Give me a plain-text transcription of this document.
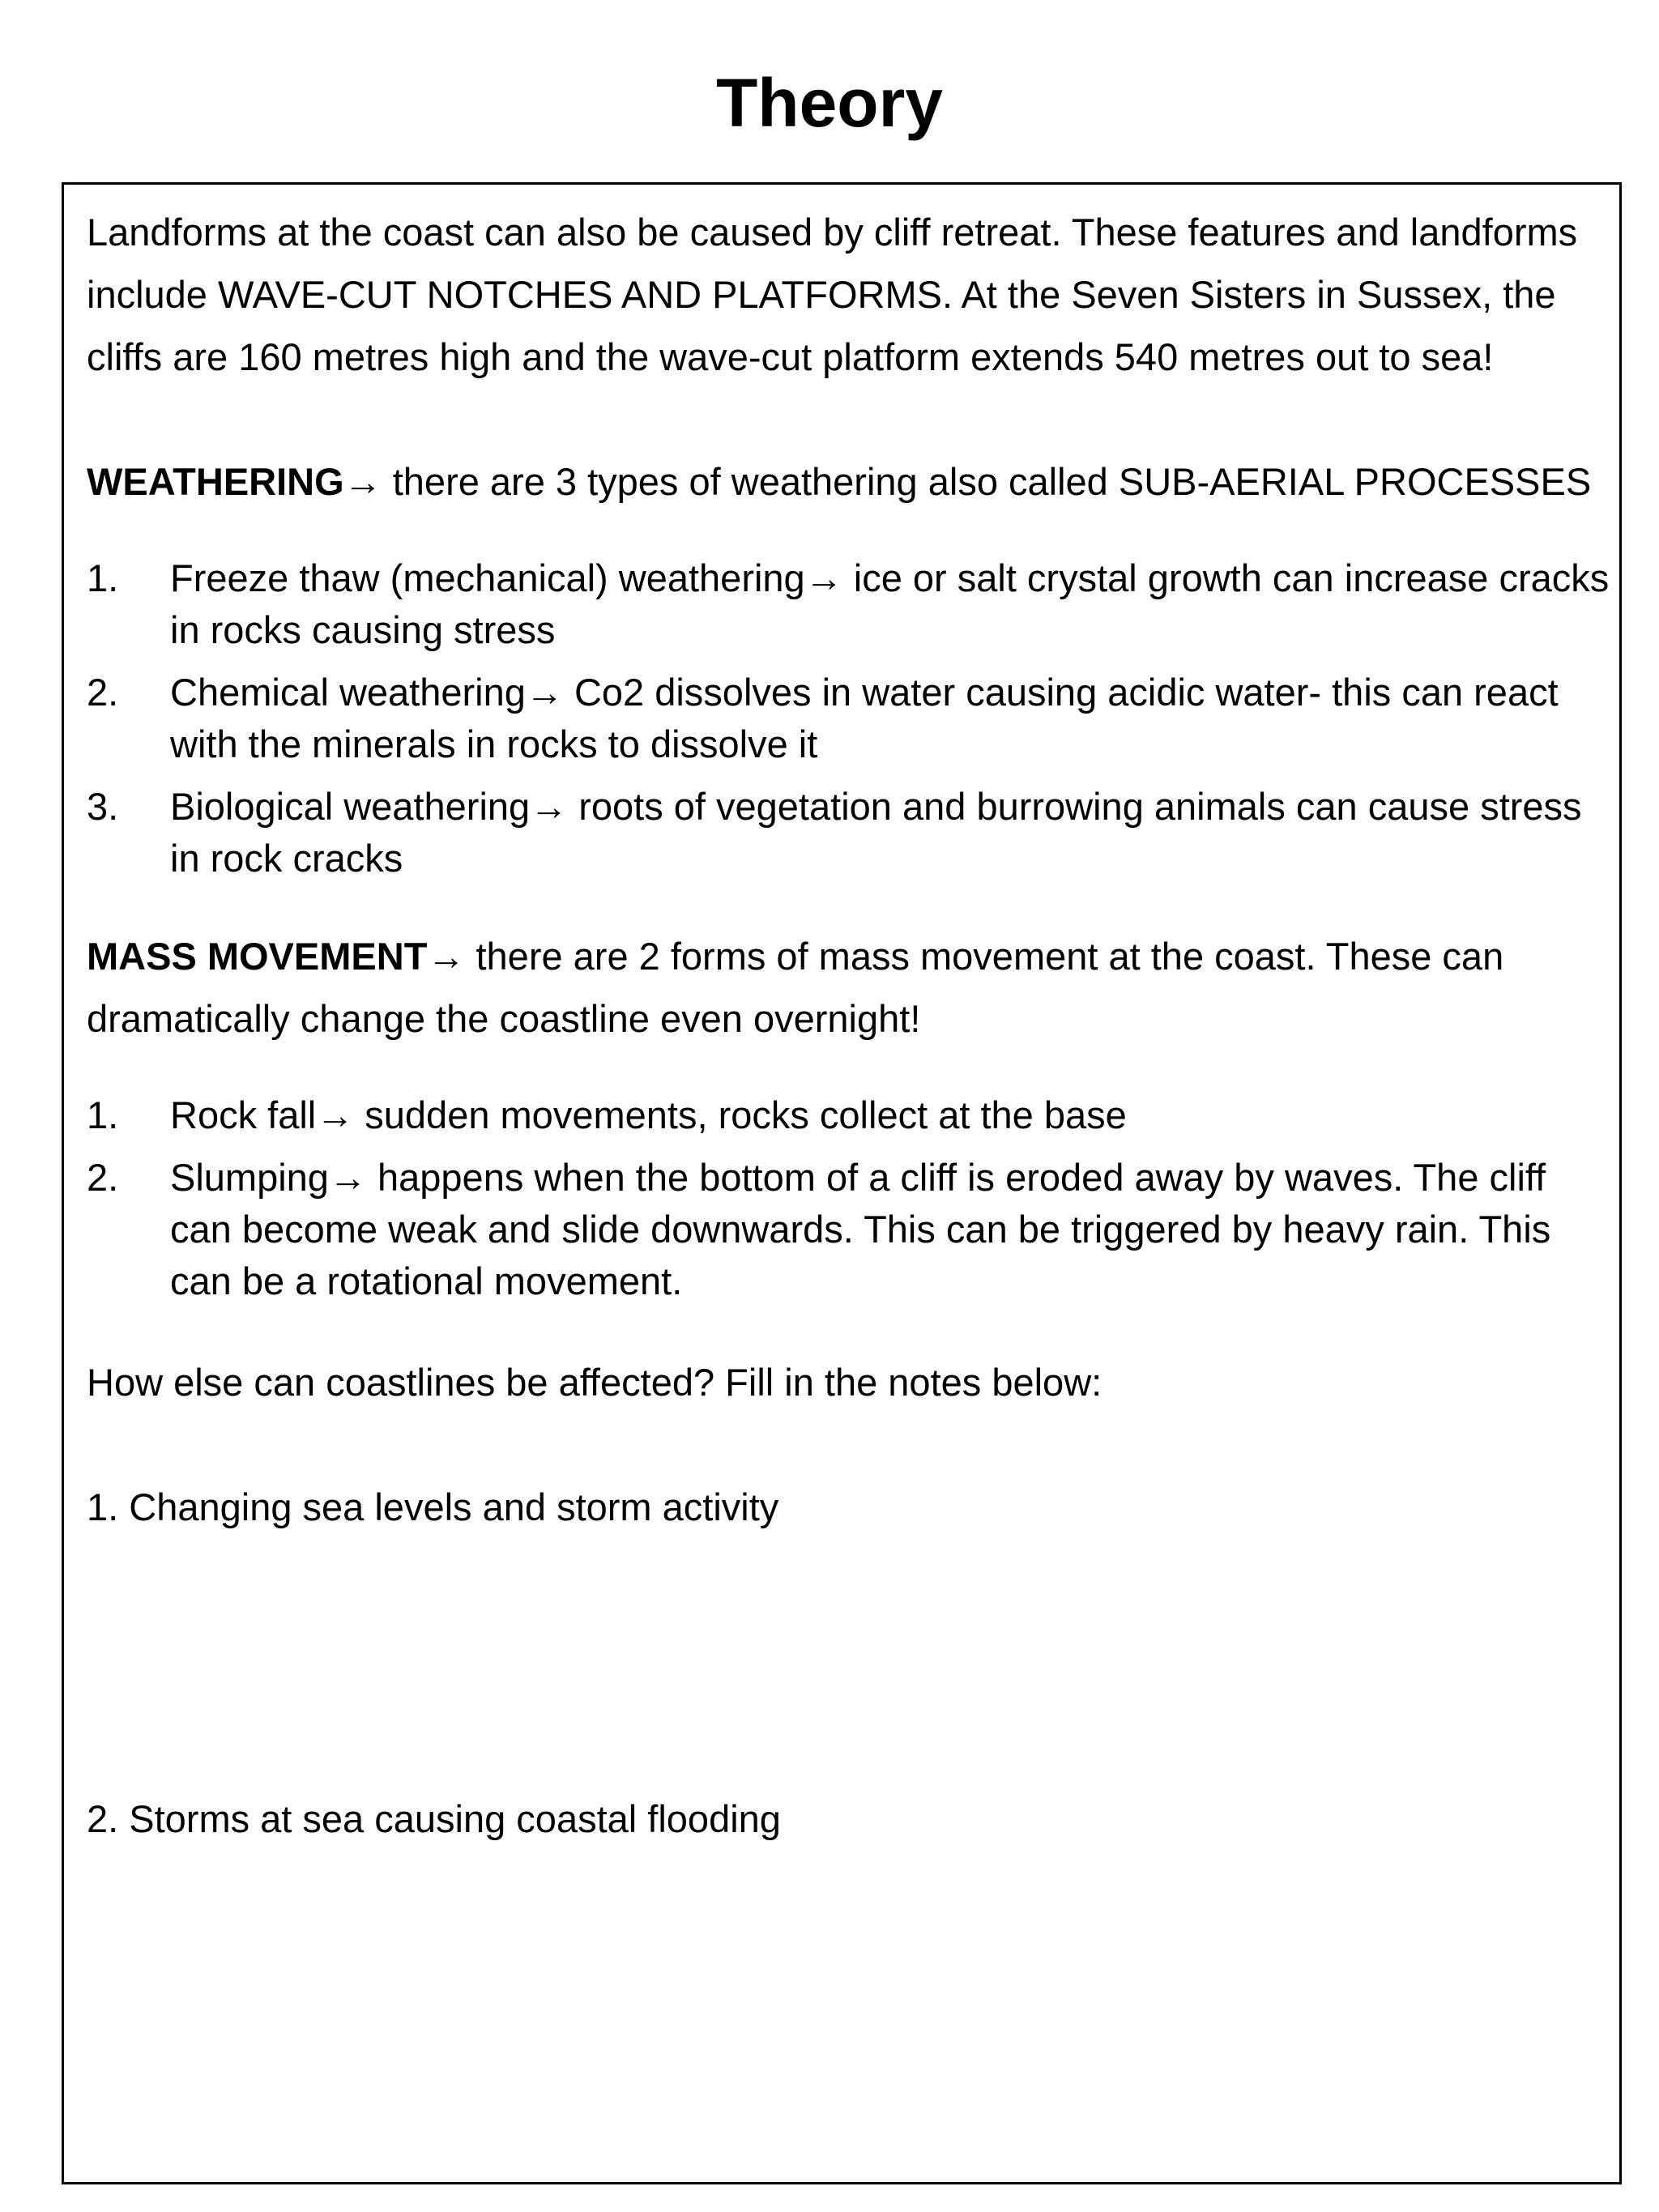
Theory

Landforms at the coast can also be caused by cliff retreat. These features and landforms include WAVE-CUT NOTCHES AND PLATFORMS. At the Seven Sisters in Sussex, the cliffs are 160 metres high and the wave-cut platform extends 540 metres out to sea!

WEATHERING→ there are 3 types of weathering also called SUB-AERIAL PROCESSES

1. Freeze thaw (mechanical) weathering→ ice or salt crystal growth can increase cracks in rocks causing stress
2. Chemical weathering→ Co2 dissolves in water causing acidic water- this can react with the minerals in rocks to dissolve it
3. Biological weathering→ roots of vegetation and burrowing animals can cause stress in rock cracks

MASS MOVEMENT→ there are 2 forms of mass movement at the coast. These can dramatically change the coastline even overnight!

1. Rock fall→ sudden movements, rocks collect at the base
2. Slumping→ happens when the bottom of a cliff is eroded away by waves. The cliff can become weak and slide downwards. This can be triggered by heavy rain. This can be a rotational movement.

How else can coastlines be affected? Fill in the notes below:

1. Changing sea levels and storm activity

2. Storms at sea causing coastal flooding
